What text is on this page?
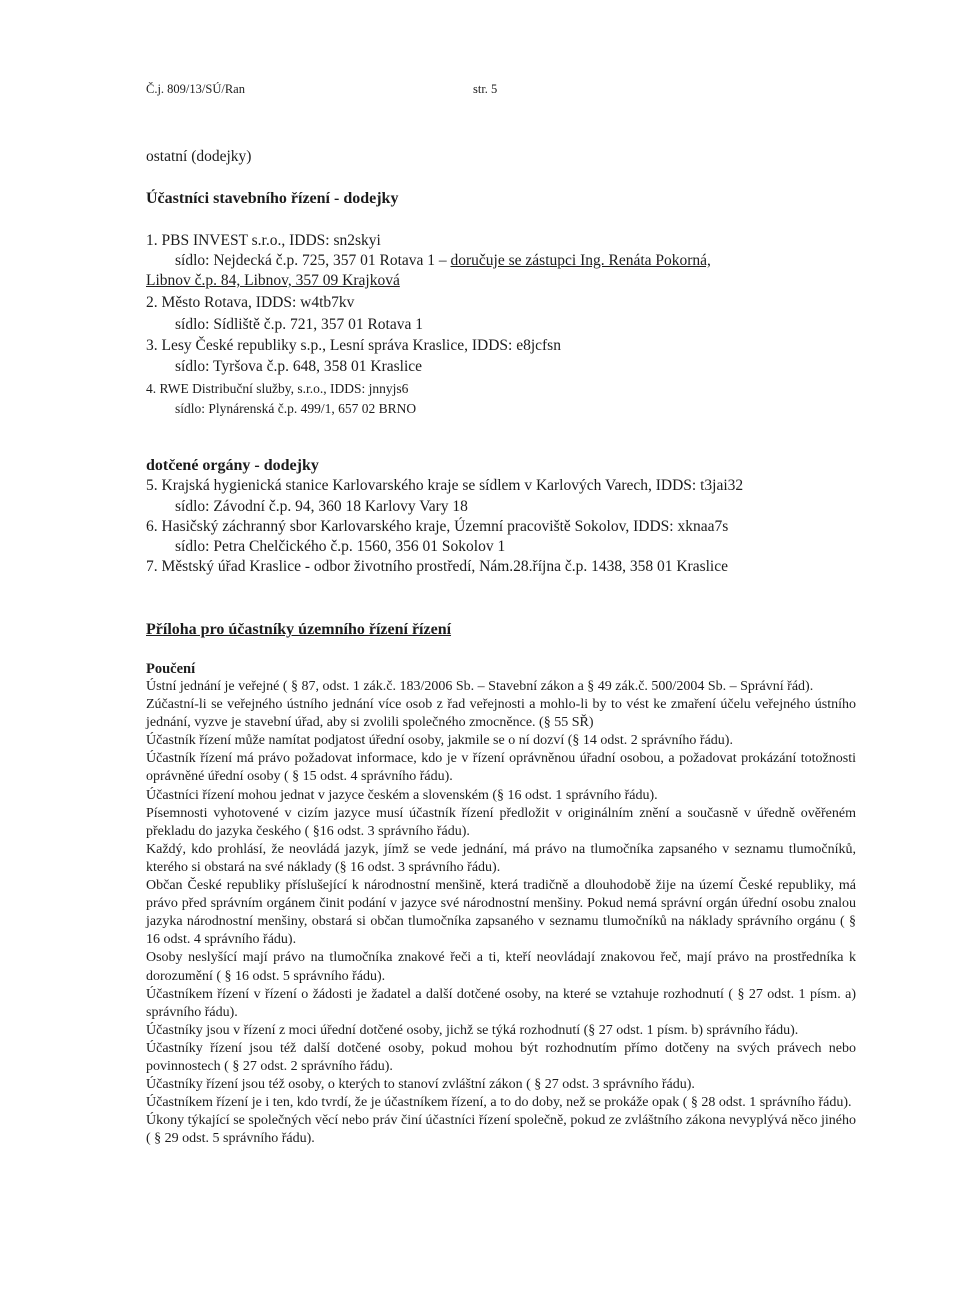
Č.j. 809/13/SÚ/Ran	str. 5
ostatní (dodejky)
Účastníci stavebního řízení - dodejky
1. PBS INVEST s.r.o., IDDS: sn2skyi
sídlo: Nejdecká č.p. 725, 357 01 Rotava 1 – doručuje se zástupci Ing. Renáta Pokorná,
Libnov č.p. 84, Libnov, 357 09 Krajková
2. Město Rotava, IDDS: w4tb7kv
sídlo: Sídliště č.p. 721, 357 01 Rotava 1
3. Lesy České republiky s.p., Lesní správa Kraslice, IDDS: e8jcfsn
sídlo: Tyršova č.p. 648, 358 01 Kraslice
4. RWE Distribuční služby, s.r.o., IDDS: jnnyjs6
sídlo: Plynárenská č.p. 499/1, 657 02 BRNO
dotčené orgány - dodejky
5. Krajská hygienická stanice Karlovarského kraje se sídlem v Karlových Varech, IDDS: t3jai32
sídlo: Závodní č.p. 94, 360 18 Karlovy Vary 18
6. Hasičský záchranný sbor Karlovarského kraje, Územní pracoviště Sokolov, IDDS: xknaa7s
sídlo: Petra Chelčického č.p. 1560, 356 01 Sokolov 1
7. Městský úřad Kraslice - odbor životního prostředí, Nám.28.října č.p. 1438, 358 01 Kraslice
Příloha pro účastníky územního řízení řízení
Poučení
Ústní jednání je veřejné ( § 87, odst. 1 zák.č. 183/2006 Sb. – Stavební zákon a § 49 zák.č. 500/2004 Sb. – Správní řád).
Zúčastní-li se veřejného ústního jednání více osob z řad veřejnosti a mohlo-li by to vést ke zmaření účelu veřejného ústního jednání, vyzve je stavební úřad, aby si zvolili společného zmocněnce. (§ 55 SŘ)
Účastník řízení může namítat podjatost úřední osoby, jakmile se o ní dozví (§ 14 odst. 2 správního řádu).
Účastník řízení má právo požadovat informace, kdo je v řízení oprávněnou úřadní osobou, a požadovat prokázání totožnosti oprávněné úřední osoby ( § 15 odst. 4 správního řádu).
Účastníci řízení mohou jednat v jazyce českém a slovenském (§ 16 odst. 1 správního řádu).
Písemnosti vyhotovené v cizím jazyce musí účastník řízení předložit v originálním znění a současně v úředně ověřeném překladu do jazyka českého ( §16 odst. 3 správního řádu).
Každý, kdo prohlásí, že neovládá jazyk, jímž se vede jednání, má právo na tlumočníka zapsaného v seznamu tlumočníků, kterého si obstará na své náklady (§ 16 odst. 3 správního řádu).
Občan České republiky příslušející k národnostní menšině, která tradičně a dlouhodobě žije na území České republiky, má právo před správním orgánem činit podání v jazyce své národnostní menšiny. Pokud nemá správní orgán úřední osobu znalou jazyka národnostní menšiny, obstará si občan tlumočníka zapsaného v seznamu tlumočníků na náklady správního orgánu ( § 16 odst. 4 správního řádu).
Osoby neslyšící mají právo na tlumočníka znakové řeči a ti, kteří neovládají znakovou řeč, mají právo na prostředníka k dorozumění ( § 16 odst. 5 správního řádu).
Účastníkem řízení v řízení o žádosti je žadatel a další dotčené osoby, na které se vztahuje rozhodnutí ( § 27 odst. 1 písm. a) správního řádu).
Účastníky jsou v řízení z moci úřední dotčené osoby, jichž se týká rozhodnutí (§ 27 odst. 1 písm. b) správního řádu).
Účastníky řízení jsou též další dotčené osoby, pokud mohou být rozhodnutím přímo dotčeny na svých právech nebo povinnostech ( § 27 odst. 2 správního řádu).
Účastníky řízení jsou též osoby, o kterých to stanoví zvláštní zákon ( § 27 odst. 3 správního řádu).
Účastníkem řízení je i ten, kdo tvrdí, že je účastníkem řízení, a to do doby, než se prokáže opak ( § 28 odst. 1 správního řádu).
Úkony týkající se společných věcí nebo práv činí účastníci řízení společně, pokud ze zvláštního zákona nevyplývá něco jiného ( § 29 odst. 5 správního řádu).
